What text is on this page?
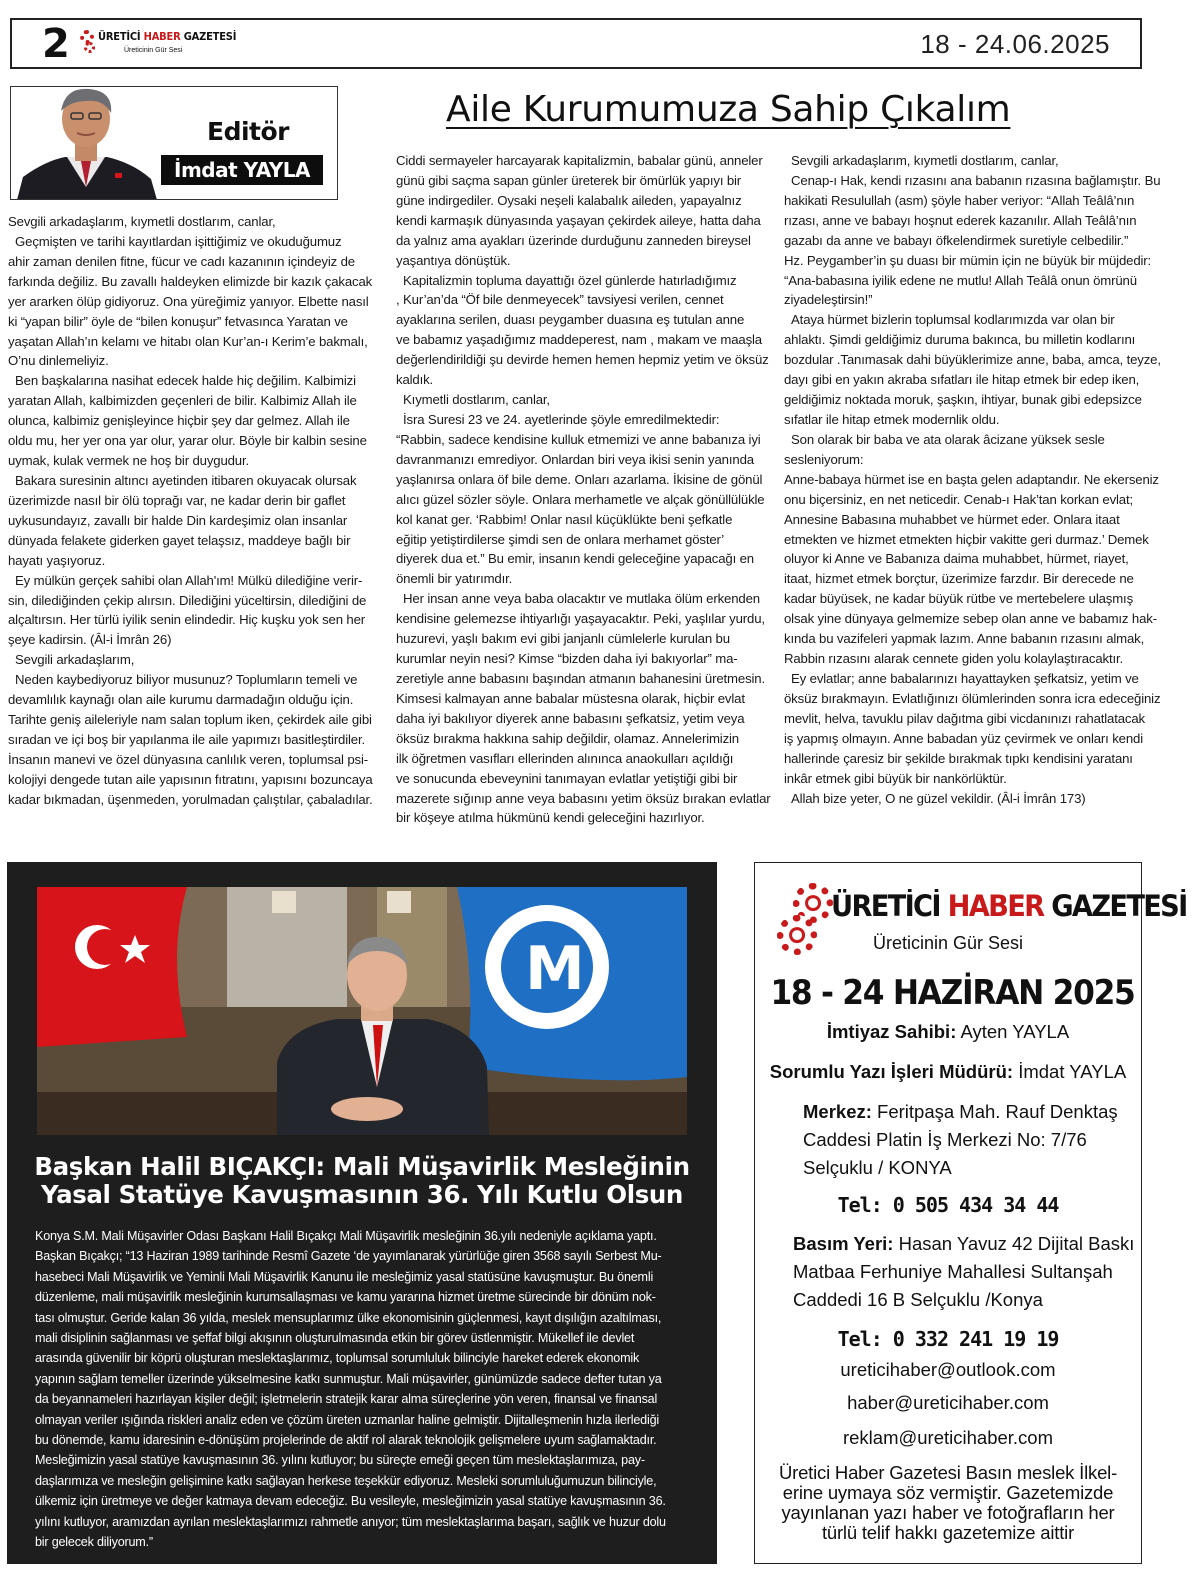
2	ÜRETİCİ HABER GAZETESİ
Üreticinin Gür Sesi	18 - 24.06.2025
Editör
İmdat YAYLA
Aile Kurumumuza Sahip Çıkalım

Sevgili arkadaşlarım, kıymetli dostlarım, canlar,

Geçmişten ve tarihi kayıtlardan işittiğimiz ve okuduğumuz

ahir zaman denilen fitne, fücur ve cadı kazanının içindeyiz de

farkında değiliz. Bu zavallı haldeyken elimizde bir kazık çakacak

yer ararken ölüp gidiyoruz. Ona yüreğimiz yanıyor. Elbette nasıl

ki “yapan bilir” öyle de “bilen konuşur” fetvasınca Yaratan ve

yaşatan Allah’ın kelamı ve hitabı olan Kur’an-ı Kerim’e bakmalı,

O’nu dinlemeliyiz.

Ben başkalarına nasihat edecek halde hiç değilim. Kalbimizi

yaratan Allah, kalbimizden geçenleri de bilir. Kalbimiz Allah ile

olunca, kalbimiz genişleyince hiçbir şey dar gelmez. Allah ile

oldu mu, her yer ona yar olur, yarar olur. Böyle bir kalbin sesine

uymak, kulak vermek ne hoş bir duygudur.

Bakara suresinin altıncı ayetinden itibaren okuyacak olursak

üzerimizde nasıl bir ölü toprağı var, ne kadar derin bir gaflet

uykusundayız, zavallı bir halde Din kardeşimiz olan insanlar

dünyada felakete giderken gayet telaşsız, maddeye bağlı bir

hayatı yaşıyoruz.

Ey mülkün gerçek sahibi olan Allah'ım! Mülkü dilediğine verir-

sin, dilediğinden çekip alırsın. Dilediğini yüceltirsin, dilediğini de

alçaltırsın. Her türlü iyilik senin elindedir. Hiç kuşku yok sen her

şeye kadirsin. (Âl-i İmrân 26)

Sevgili arkadaşlarım,

Neden kaybediyoruz biliyor musunuz? Toplumların temeli ve

devamlılık kaynağı olan aile kurumu darmadağın olduğu için.

Tarihte geniş aileleriyle nam salan toplum iken, çekirdek aile gibi

sıradan ve içi boş bir yapılanma ile aile yapımızı basitleştirdiler.

İnsanın manevi ve özel dünyasına canlılık veren, toplumsal psi-

kolojiyi dengede tutan aile yapısının fıtratını, yapısını bozuncaya

kadar bıkmadan, üşenmeden, yorulmadan çalıştılar, çabaladılar.

Ciddi sermayeler harcayarak kapitalizmin, babalar günü, anneler

günü gibi saçma sapan günler üreterek bir ömürlük yapıyı bir

güne indirgediler. Oysaki neşeli kalabalık aileden, yapayalnız

kendi karmaşık dünyasında yaşayan çekirdek aileye, hatta daha

da yalnız ama ayakları üzerinde durduğunu zanneden bireysel

yaşantıya dönüştük.

Kapitalizmin topluma dayattığı özel günlerde hatırladığımız

, Kur’an’da “Öf bile denmeyecek” tavsiyesi verilen, cennet

ayaklarına serilen, duası peygamber duasına eş tutulan anne

ve babamız yaşadığımız maddeperest, nam , makam ve maaşla

değerlendirildiği şu devirde hemen hemen hepmiz yetim ve öksüz

kaldık.

Kıymetli dostlarım, canlar,

İsra Suresi 23 ve 24. ayetlerinde şöyle emredilmektedir:

“Rabbin, sadece kendisine kulluk etmemizi ve anne babanıza iyi

davranmanızı emrediyor. Onlardan biri veya ikisi senin yanında

yaşlanırsa onlara öf bile deme. Onları azarlama. İkisine de gönül

alıcı güzel sözler söyle. Onlara merhametle ve alçak gönüllülükle

kol kanat ger. ‘Rabbim! Onlar nasıl küçüklükte beni şefkatle

eğitip yetiştirdilerse şimdi sen de onlara merhamet göster’

diyerek dua et.” Bu emir, insanın kendi geleceğine yapacağı en

önemli bir yatırımdır.

Her insan anne veya baba olacaktır ve mutlaka ölüm erkenden

kendisine gelemezse ihtiyarlığı yaşayacaktır. Peki, yaşlılar yurdu,

huzurevi, yaşlı bakım evi gibi janjanlı cümlelerle kurulan bu

kurumlar neyin nesi? Kimse “bizden daha iyi bakıyorlar” ma-

zeretiyle anne babasını başından atmanın bahanesini üretmesin.

Kimsesi kalmayan anne babalar müstesna olarak, hiçbir evlat

daha iyi bakılıyor diyerek anne babasını şefkatsiz, yetim veya

öksüz bırakma hakkına sahip değildir, olamaz. Annelerimizin

ilk öğretmen vasıfları ellerinden alınınca anaokulları açıldığı

ve sonucunda ebeveynini tanımayan evlatlar yetiştiği gibi bir

mazerete sığınıp anne veya babasını yetim öksüz bırakan evlatlar

bir köşeye atılma hükmünü kendi geleceğini hazırlıyor.

Sevgili arkadaşlarım, kıymetli dostlarım, canlar,

Cenap-ı Hak, kendi rızasını ana babanın rızasına bağlamıştır. Bu

hakikati Resulullah (asm) şöyle haber veriyor: “Allah Teâlâ’nın

rızası, anne ve babayı hoşnut ederek kazanılır. Allah Teâlâ’nın

gazabı da anne ve babayı öfkelendirmek suretiyle celbedilir.”

Hz. Peygamber’in şu duası bir mümin için ne büyük bir müjdedir:

“Ana-babasına iyilik edene ne mutlu! Allah Teâlâ onun ömrünü

ziyadeleştirsin!”

Ataya hürmet bizlerin toplumsal kodlarımızda var olan bir

ahlaktı. Şimdi geldiğimiz duruma bakınca, bu milletin kodlarını

bozdular .Tanımasak dahi büyüklerimize anne, baba, amca, teyze,

dayı gibi en yakın akraba sıfatları ile hitap etmek bir edep iken,

geldiğimiz noktada moruk, şaşkın, ihtiyar, bunak gibi edepsizce

sıfatlar ile hitap etmek modernlik oldu.

Son olarak bir baba ve ata olarak âcizane yüksek sesle

sesleniyorum:

Anne-babaya hürmet ise en başta gelen adaptandır. Ne ekerseniz

onu biçersiniz, en net neticedir. Cenab-ı Hak’tan korkan evlat;

Annesine Babasına muhabbet ve hürmet eder. Onlara itaat

etmekten ve hizmet etmekten hiçbir vakitte geri durmaz.’ Demek

oluyor ki Anne ve Babanıza daima muhabbet, hürmet, riayet,

itaat, hizmet etmek borçtur, üzerimize farzdır. Bir derecede ne

kadar büyüsek, ne kadar büyük rütbe ve mertebelere ulaşmış

olsak yine dünyaya gelmemize sebep olan anne ve babamız hak-

kında bu vazifeleri yapmak lazım. Anne babanın rızasını almak,

Rabbin rızasını alarak cennete giden yolu kolaylaştıracaktır.

Ey evlatlar; anne babalarınızı hayattayken şefkatsiz, yetim ve

öksüz bırakmayın. Evlatlığınızı ölümlerinden sonra icra edeceğiniz

mevlit, helva, tavuklu pilav dağıtma gibi vicdanınızı rahatlatacak

iş yapmış olmayın. Anne babadan yüz çevirmek ve onları kendi

hallerinde çaresiz bir şekilde bırakmak tıpkı kendisini yaratanı

inkâr etmek gibi büyük bir nankörlüktür.

Allah bize yeter, O ne güzel vekildir. (Âl-i İmrân 173)

M
Başkan Halil BIÇAKÇI: Mali Müşavirlik Mesleğinin
Yasal Statüye Kavuşmasının 36. Yılı Kutlu Olsun

Konya S.M. Mali Müşavirler Odası Başkanı Halil Bıçakçı Mali Müşavirlik mesleğinin 36.yılı nedeniyle açıklama yaptı.

Başkan Bıçakçı; “13 Haziran 1989 tarihinde Resmî Gazete ‘de yayımlanarak yürürlüğe giren 3568 sayılı Serbest Mu-

hasebeci Mali Müşavirlik ve Yeminli Mali Müşavirlik Kanunu ile mesleğimiz yasal statüsüne kavuşmuştur. Bu önemli

düzenleme, mali müşavirlik mesleğinin kurumsallaşması ve kamu yararına hizmet üretme sürecinde bir dönüm nok-

tası olmuştur. Geride kalan 36 yılda, meslek mensuplarımız ülke ekonomisinin güçlenmesi, kayıt dışılığın azaltılması,

mali disiplinin sağlanması ve şeffaf bilgi akışının oluşturulmasında etkin bir görev üstlenmiştir. Mükellef ile devlet

arasında güvenilir bir köprü oluşturan meslektaşlarımız, toplumsal sorumluluk bilinciyle hareket ederek ekonomik

yapının sağlam temeller üzerinde yükselmesine katkı sunmuştur. Mali müşavirler, günümüzde sadece defter tutan ya

da beyannameleri hazırlayan kişiler değil; işletmelerin stratejik karar alma süreçlerine yön veren, finansal ve finansal

olmayan veriler ışığında riskleri analiz eden ve çözüm üreten uzmanlar haline gelmiştir. Dijitalleşmenin hızla ilerlediği

bu dönemde, kamu idaresinin e-dönüşüm projelerinde de aktif rol alarak teknolojik gelişmelere uyum sağlamaktadır.

Mesleğimizin yasal statüye kavuşmasının 36. yılını kutluyor; bu süreçte emeği geçen tüm meslektaşlarımıza, pay-

daşlarımıza ve mesleğin gelişimine katkı sağlayan herkese teşekkür ediyoruz. Mesleki sorumluluğumuzun bilinciyle,

ülkemiz için üretmeye ve değer katmaya devam edeceğiz. Bu vesileyle, mesleğimizin yasal statüye kavuşmasının 36.

yılını kutluyor, aramızdan ayrılan meslektaşlarımızı rahmetle anıyor; tüm meslektaşlarıma başarı, sağlık ve huzur dolu

bir gelecek diliyorum.”

ÜRETİCİ HABER GAZETESİ
Üreticinin Gür Sesi
18 - 24 HAZİRAN 2025
İmtiyaz Sahibi: Ayten YAYLA
Sorumlu Yazı İşleri Müdürü: İmdat YAYLA
Merkez: Feritpaşa Mah. Rauf Denktaş
Caddesi Platin İş Merkezi No: 7/76
Selçuklu / KONYA
Tel: 0 505 434 34 44
Basım Yeri: Hasan Yavuz 42 Dijital Baskı
Matbaa Ferhuniye Mahallesi Sultanşah
Caddedi 16 B Selçuklu /Konya
Tel: 0 332 241 19 19
ureticihaber@outlook.com
haber@ureticihaber.com
reklam@ureticihaber.com

Üretici Haber Gazetesi Basın meslek İlkel-

erine uymaya söz vermiştir. Gazetemizde

yayınlanan yazı haber ve fotoğrafların her

türlü telif hakkı gazetemize aittir
